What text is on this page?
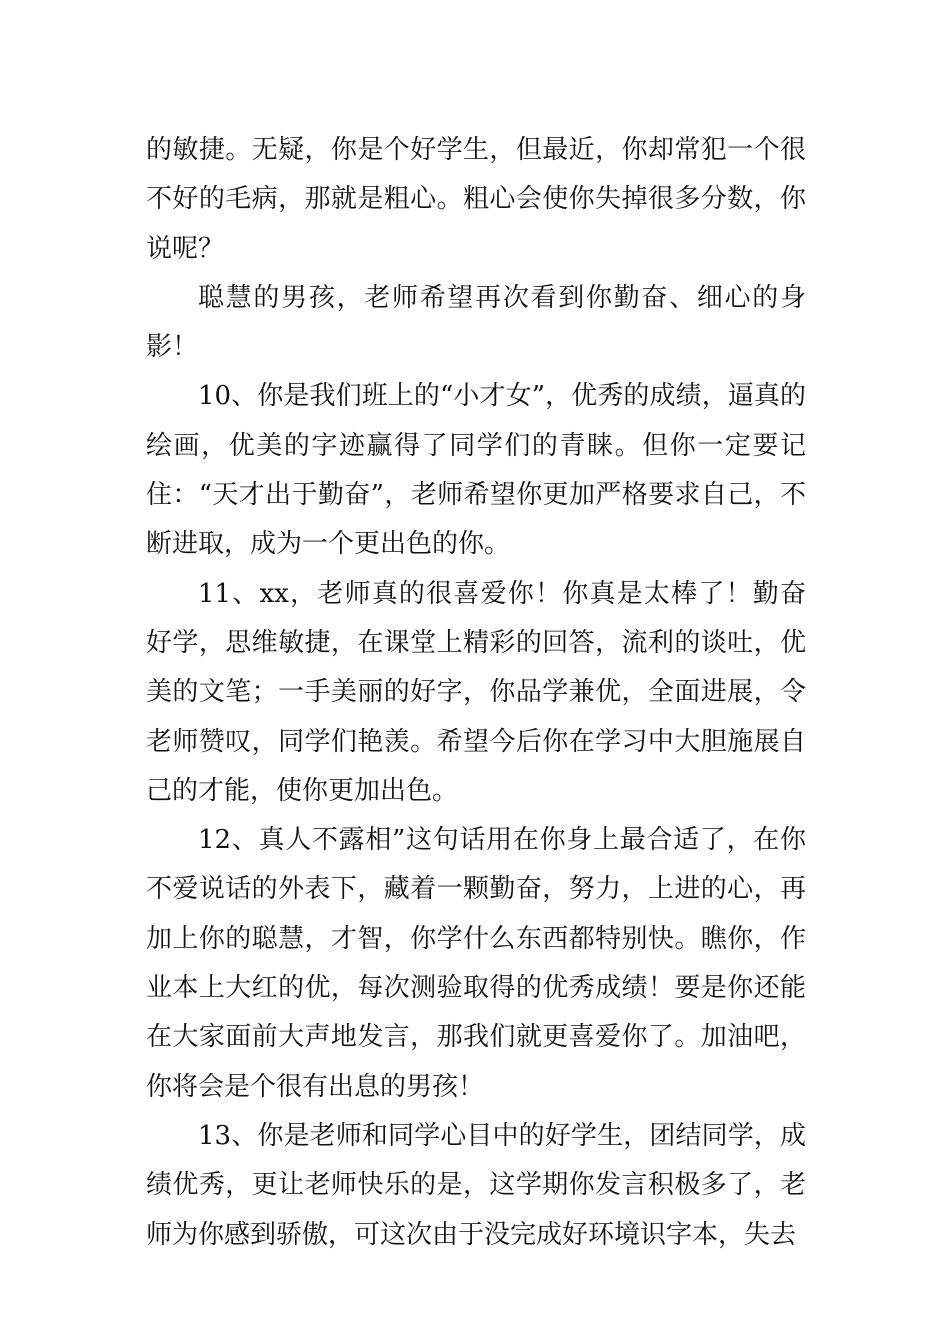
的敏捷。无疑，你是个好学生，但最近，你却常犯一个很不好的毛病，那就是粗心。粗心会使你失掉很多分数，你说呢？

聪慧的男孩，老师希望再次看到你勤奋、细心的身影！

10、你是我们班上的“小才女”，优秀的成绩，逼真的绘画，优美的字迹赢得了同学们的青睐。但你一定要记住：“天才出于勤奋”，老师希望你更加严格要求自己，不断进取，成为一个更出色的你。

11、xx，老师真的很喜爱你！你真是太棒了！勤奋好学，思维敏捷，在课堂上精彩的回答，流利的谈吐，优美的文笔；一手美丽的好字，你品学兼优，全面进展，令老师赞叹，同学们艳羡。希望今后你在学习中大胆施展自己的才能，使你更加出色。

12、真人不露相”这句话用在你身上最合适了，在你不爱说话的外表下，藏着一颗勤奋，努力，上进的心，再加上你的聪慧，才智，你学什么东西都特别快。瞧你，作业本上大红的优，每次测验取得的优秀成绩！要是你还能在大家面前大声地发言，那我们就更喜爱你了。加油吧，你将会是个很有出息的男孩！

13、你是老师和同学心目中的好学生，团结同学，成绩优秀，更让老师快乐的是，这学期你发言积极多了，老师为你感到骄傲，可这次由于没完成好环境识字本，失去
